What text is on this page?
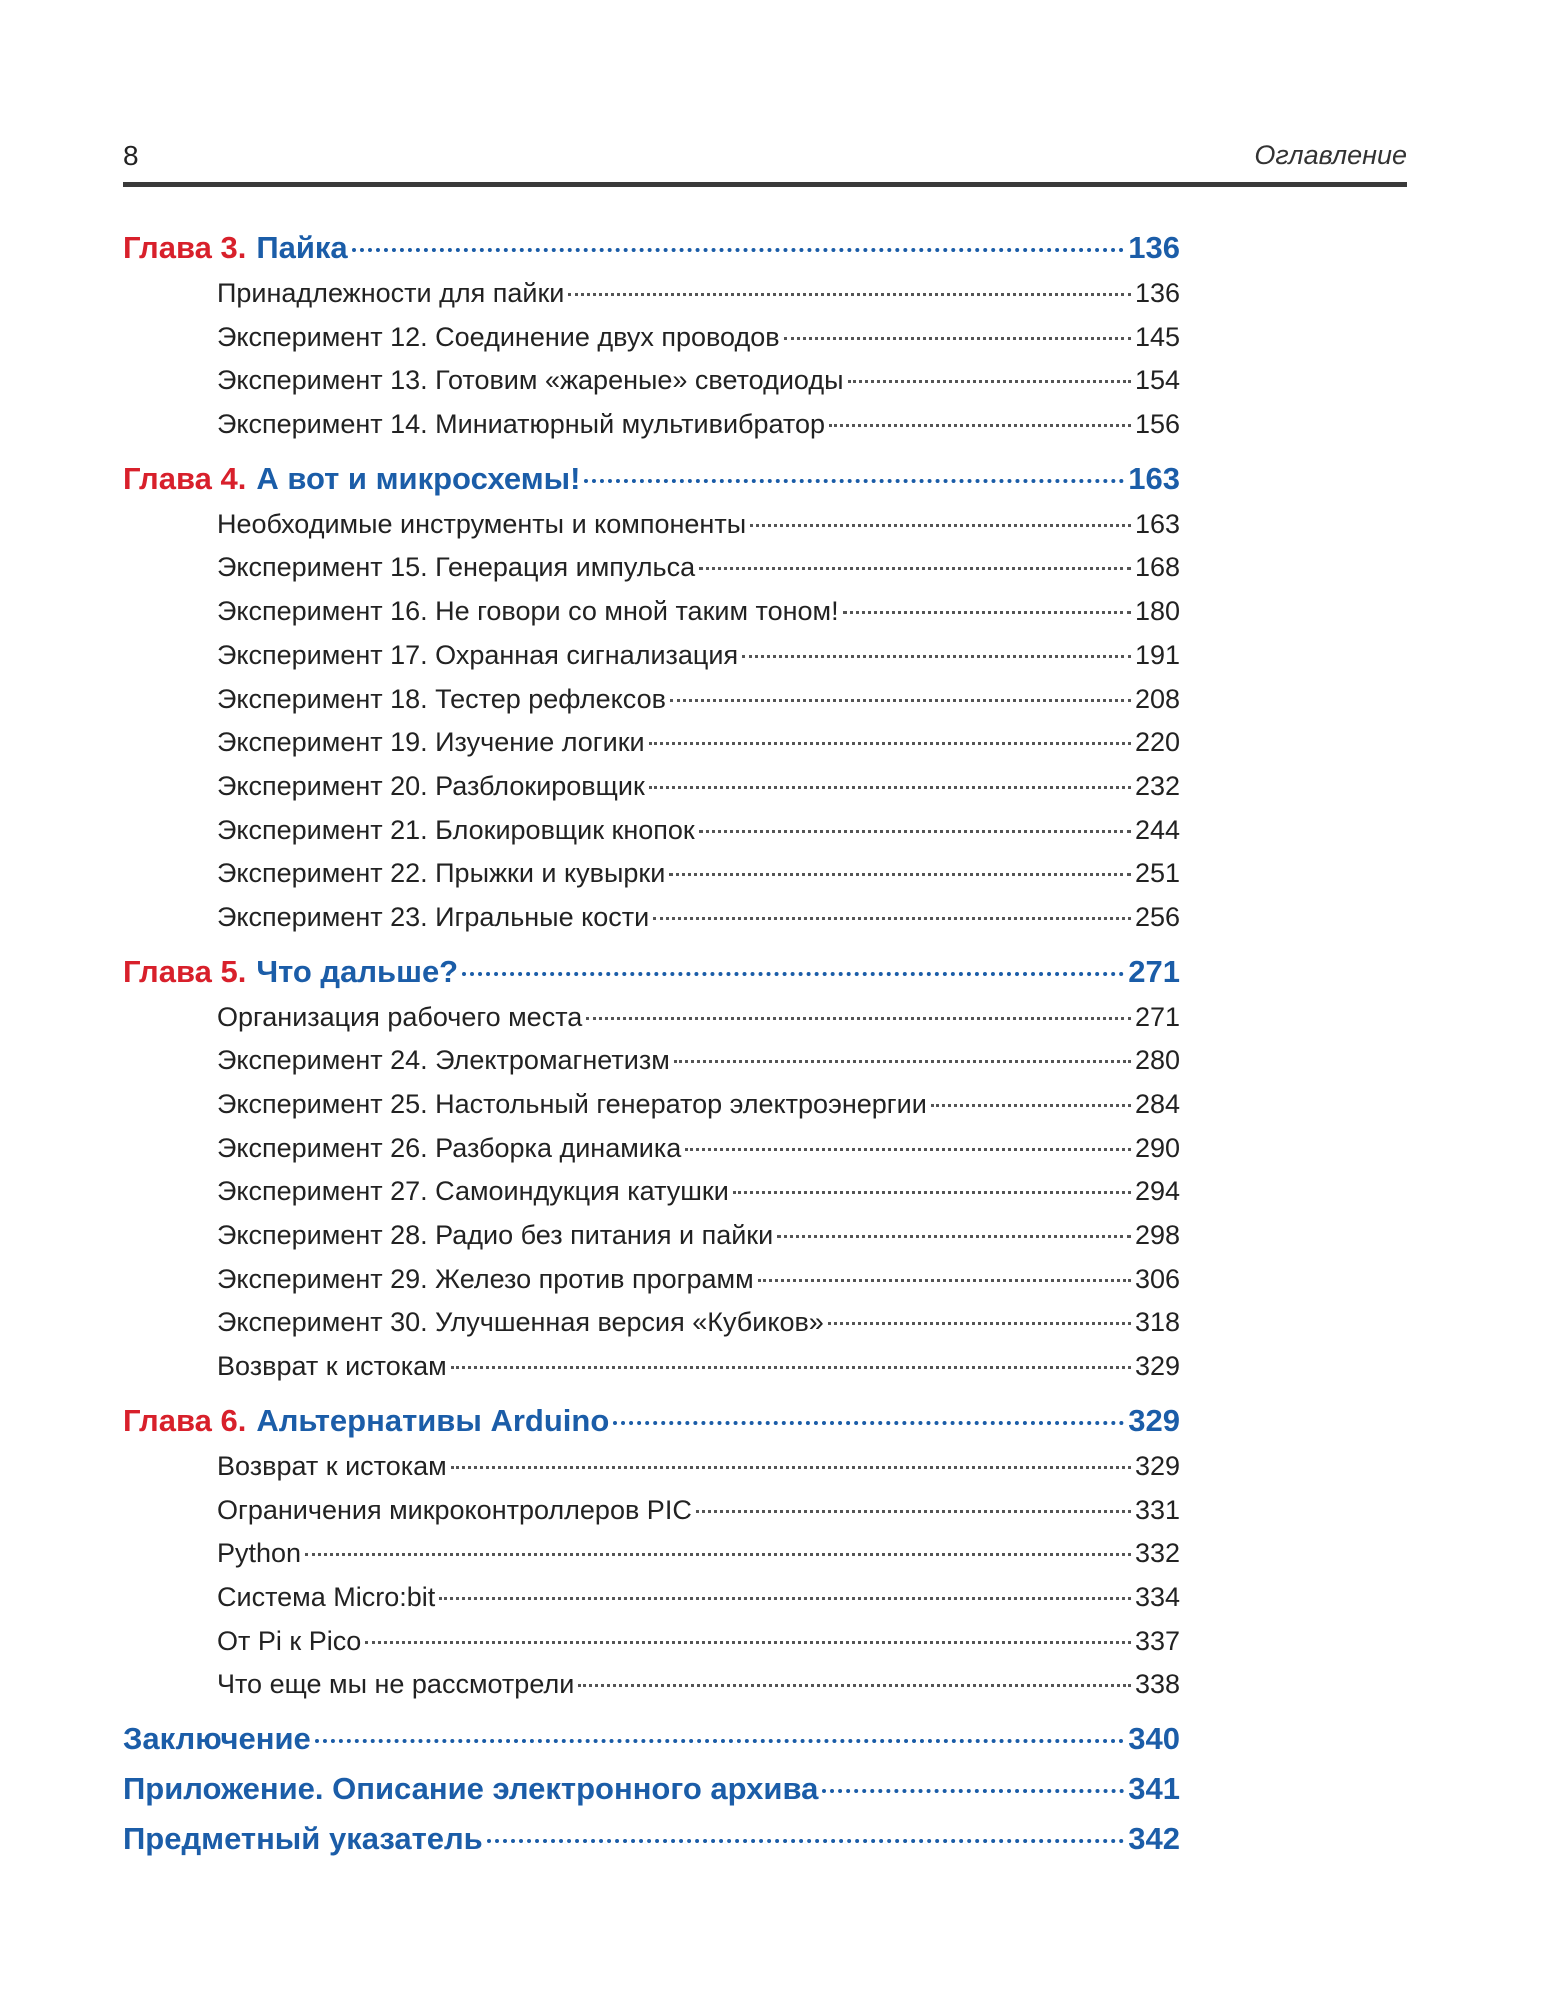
8	Оглавление
Глава 3. Пайка	136
Принадлежности для пайки	136
Эксперимент 12. Соединение двух проводов	145
Эксперимент 13. Готовим «жареные» светодиоды	154
Эксперимент 14. Миниатюрный мультивибратор	156
Глава 4. А вот и микросхемы!	163
Необходимые инструменты и компоненты	163
Эксперимент 15. Генерация импульса	168
Эксперимент 16. Не говори со мной таким тоном!	180
Эксперимент 17. Охранная сигнализация	191
Эксперимент 18. Тестер рефлексов	208
Эксперимент 19. Изучение логики	220
Эксперимент 20. Разблокировщик	232
Эксперимент 21. Блокировщик кнопок	244
Эксперимент 22. Прыжки и кувырки	251
Эксперимент 23. Игральные кости	256
Глава 5. Что дальше?	271
Организация рабочего места	271
Эксперимент 24. Электромагнетизм	280
Эксперимент 25. Настольный генератор электроэнергии	284
Эксперимент 26. Разборка динамика	290
Эксперимент 27. Самоиндукция катушки	294
Эксперимент 28. Радио без питания и пайки	298
Эксперимент 29. Железо против программ	306
Эксперимент 30. Улучшенная версия «Кубиков»	318
Возврат к истокам	329
Глава 6. Альтернативы Arduino	329
Возврат к истокам	329
Ограничения микроконтроллеров PIC	331
Python	332
Система Micro:bit	334
От Pi к Pico	337
Что еще мы не рассмотрели	338
Заключение	340
Приложение. Описание электронного архива	341
Предметный указатель	342
